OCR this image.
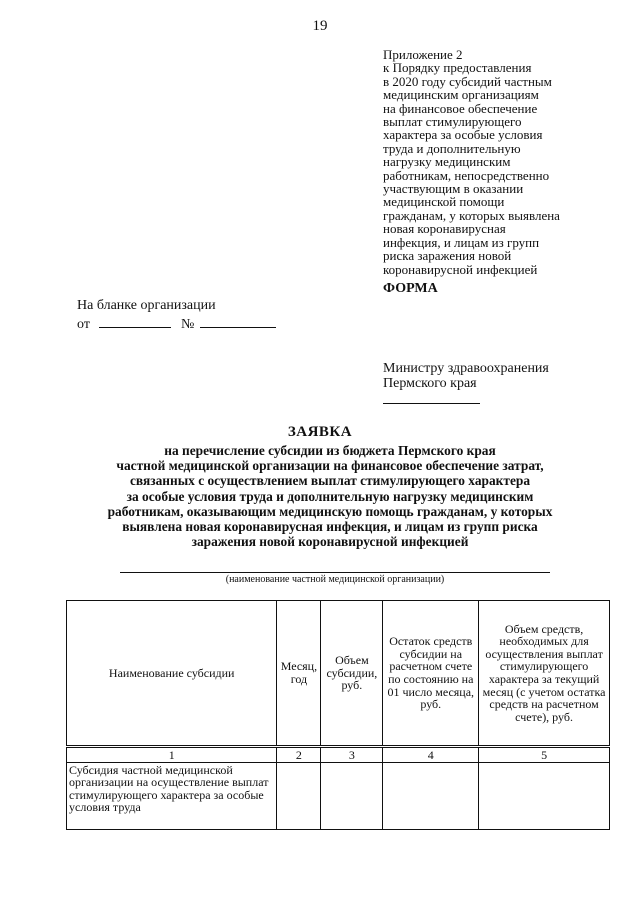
19
Приложение 2
к Порядку предоставления
в 2020 году субсидий частным
медицинским организациям
на финансовое обеспечение
выплат стимулирующего
характера за особые условия
труда и дополнительную
нагрузку медицинским
работникам, непосредственно
участвующим в оказании
медицинской помощи
гражданам, у которых выявлена
новая коронавирусная
инфекция, и лицам из групп
риска заражения новой
коронавирусной инфекцией
ФОРМА
На бланке организации
от	№
Министру здравоохранения
Пермского края
ЗАЯВКА
на перечисление субсидии из бюджета Пермского края
частной медицинской организации на финансовое обеспечение затрат,
связанных с осуществлением выплат стимулирующего характера
за особые условия труда и дополнительную нагрузку медицинским
работникам, оказывающим медицинскую помощь гражданам, у которых
выявлена новая коронавирусная инфекция, и лицам из групп риска
заражения новой коронавирусной инфекцией
(наименование частной медицинской организации)
Наименование субсидии	Месяц, год	Объем субсидии, руб.	Остаток средств субсидии на расчетном счете по состоянию на 01 число месяца, руб.	Объем средств, необходимых для осуществления выплат стимулирующего характера за текущий месяц (с учетом остатка средств на расчетном счете), руб.
1	2	3	4	5
Субсидия частной медицинской организации на осуществление выплат стимулирующего характера за особые условия труда				
